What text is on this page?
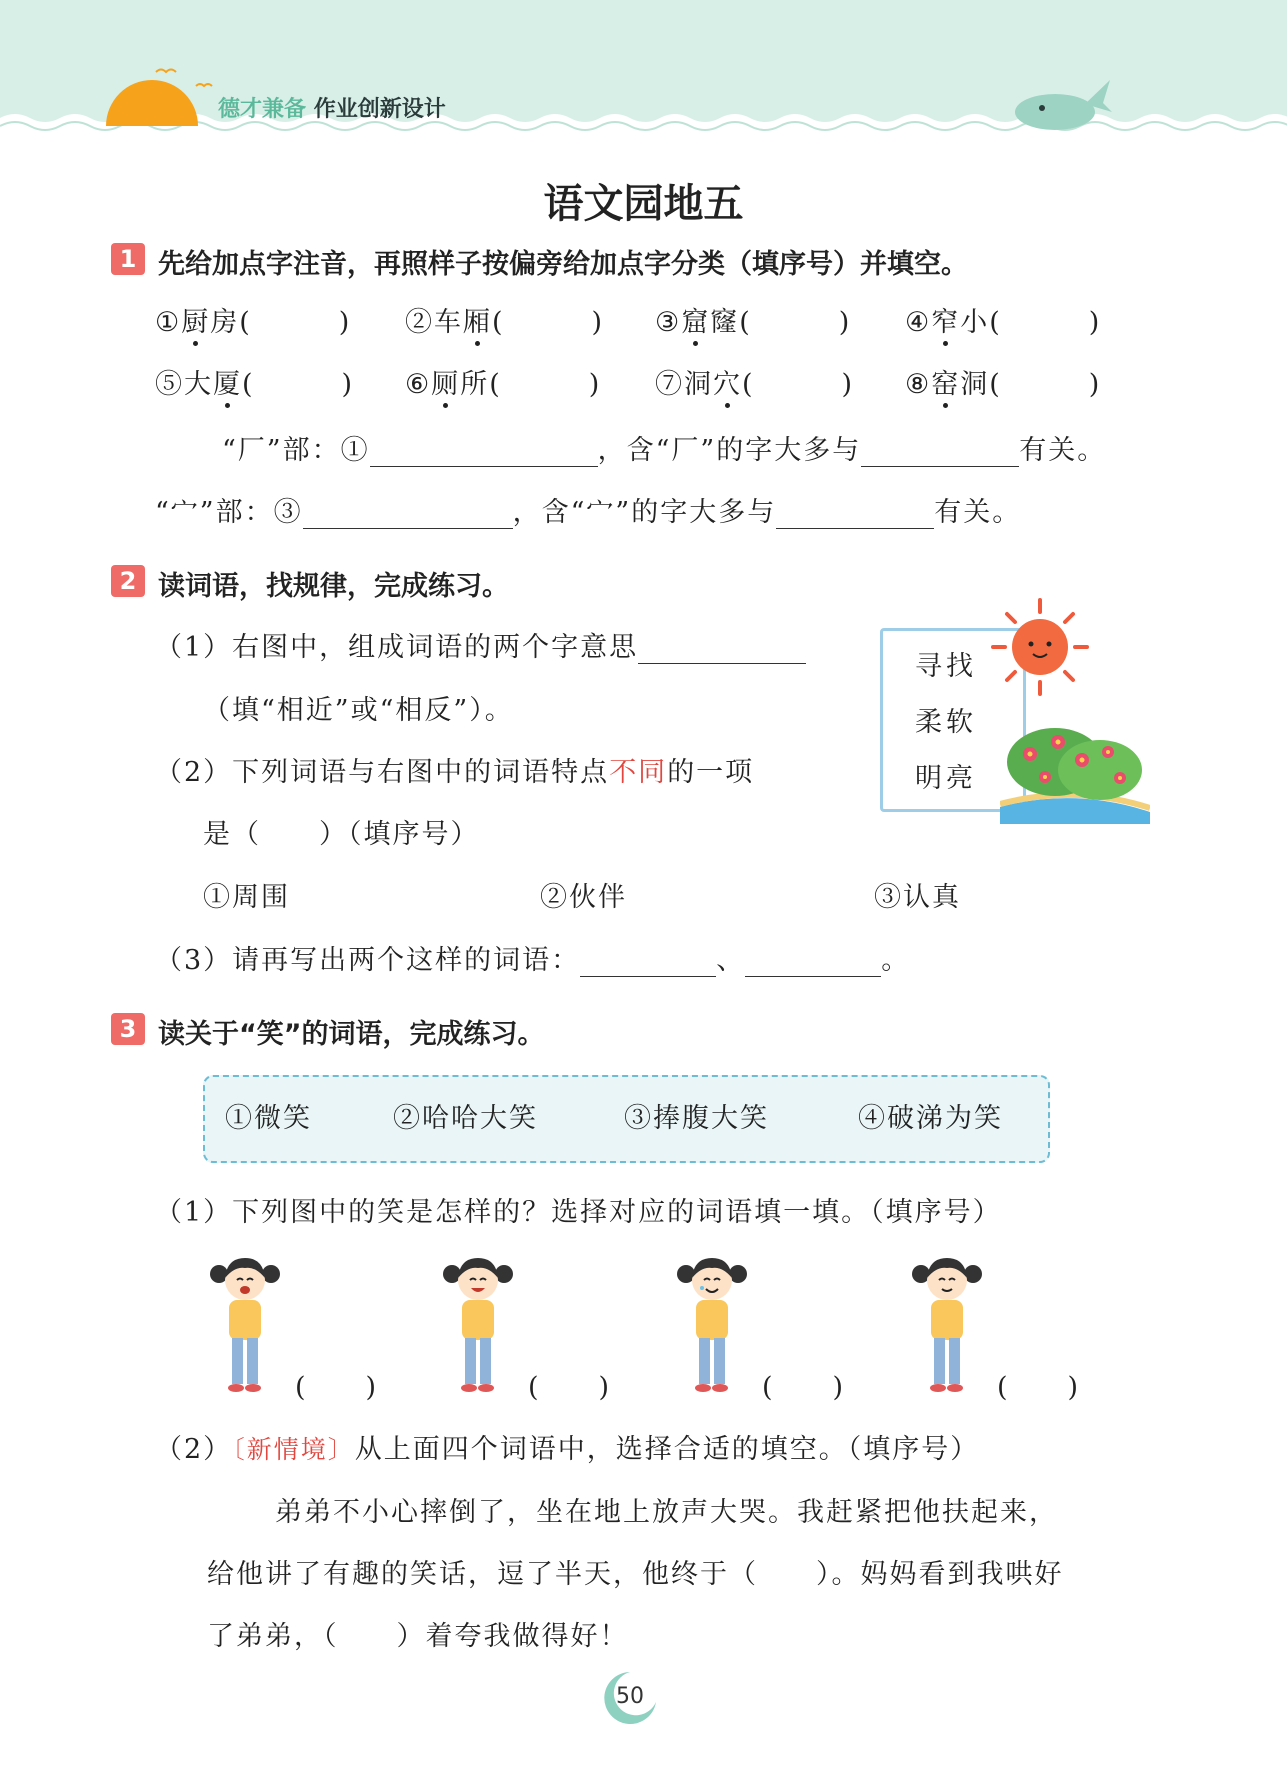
德才兼备 作业创新设计
语文园地五
1 先给加点字注音，再照样子按偏旁给加点字分类（填序号）并填空。
①厨房(　　　) ②车厢(　　　) ③窟窿(　　　) ④窄小(　　　)
⑤大厦(　　　) ⑥厕所(　　　) ⑦洞穴(　　　) ⑧窑洞(　　　)
“厂”部：①	，含“厂”的字大多与	有关。
“宀”部：③	，含“宀”的字大多与	有关。
2 读词语，找规律，完成练习。
（1）右图中，组成词语的两个字意思
（填“相近”或“相反”）。
（2）下列词语与右图中的词语特点不同的一项
是（　　）（填序号）
①周围	②伙伴	③认真
（3）请再写出两个这样的词语：	、	。
寻找
柔软
明亮
3 读关于“笑”的词语，完成练习。
①微笑	②哈哈大笑	③捧腹大笑	④破涕为笑
（1）下列图中的笑是怎样的？选择对应的词语填一填。（填序号）
(　　)	(　　)	(　　)	(　　)
（2）〔新情境〕从上面四个词语中，选择合适的填空。（填序号）
弟弟不小心摔倒了，坐在地上放声大哭。我赶紧把他扶起来，
给他讲了有趣的笑话，逗了半天，他终于（　　）。妈妈看到我哄好
了弟弟，（　　）着夸我做得好！
50
